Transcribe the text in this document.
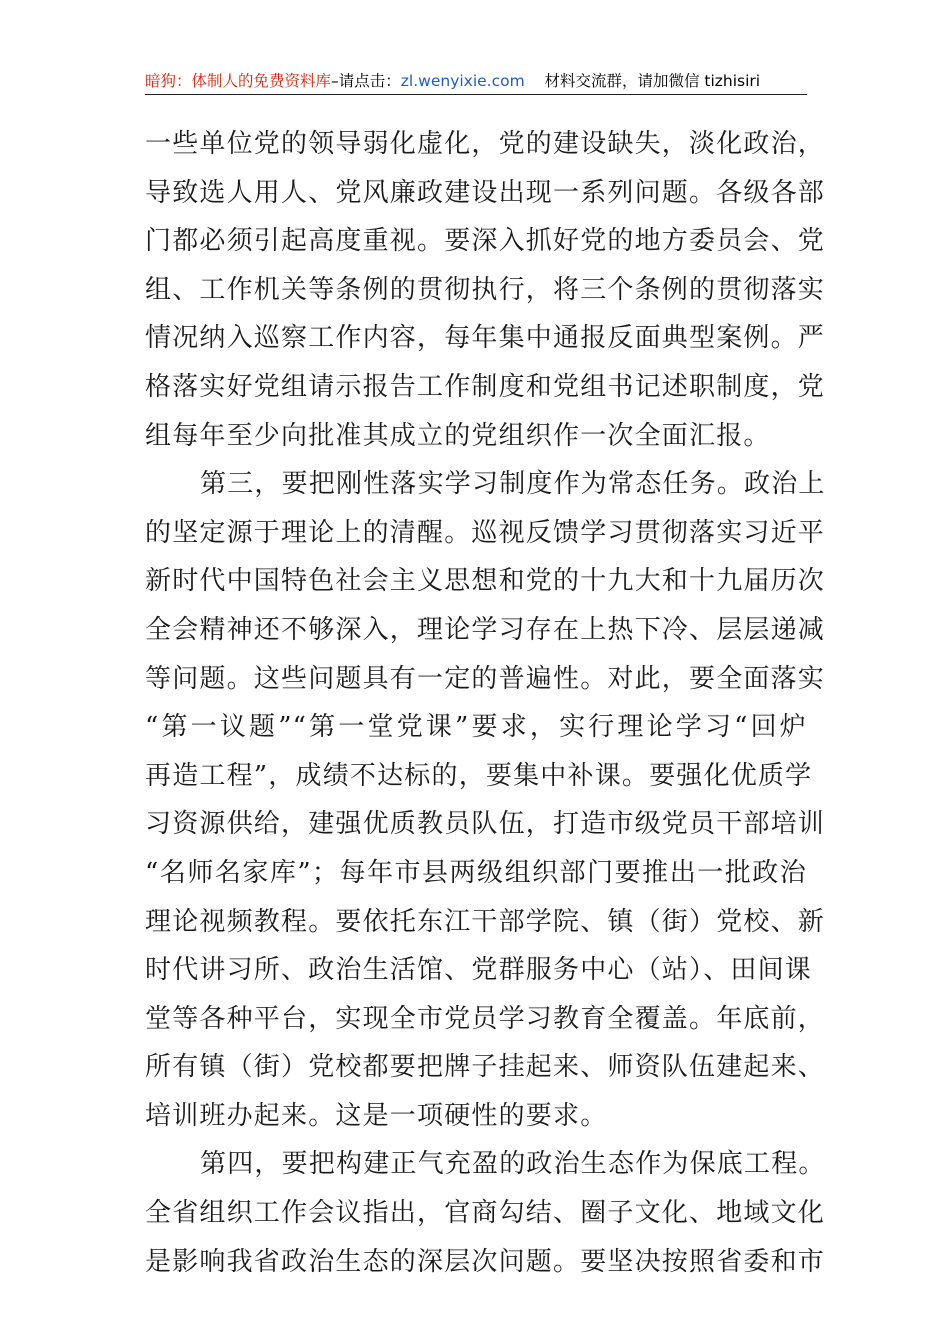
暗狗：体制人的免费资料库–请点击：zl.wenyixie.com 材料交流群，请加微信 tizhisiri
一些单位党的领导弱化虚化，党的建设缺失，淡化政治，
导致选人用人、党风廉政建设出现一系列问题。各级各部
门都必须引起高度重视。要深入抓好党的地方委员会、党
组、工作机关等条例的贯彻执行，将三个条例的贯彻落实
情况纳入巡察工作内容，每年集中通报反面典型案例。严
格落实好党组请示报告工作制度和党组书记述职制度，党
组每年至少向批准其成立的党组织作一次全面汇报。
第三，要把刚性落实学习制度作为常态任务。政治上
的坚定源于理论上的清醒。巡视反馈学习贯彻落实习近平
新时代中国特色社会主义思想和党的十九大和十九届历次
全会精神还不够深入，理论学习存在上热下冷、层层递减
等问题。这些问题具有一定的普遍性。对此，要全面落实
“第一议题”“第一堂党课”要求，实行理论学习“回炉
再造工程”，成绩不达标的，要集中补课。要强化优质学
习资源供给，建强优质教员队伍，打造市级党员干部培训
“名师名家库”；每年市县两级组织部门要推出一批政治
理论视频教程。要依托东江干部学院、镇（街）党校、新
时代讲习所、政治生活馆、党群服务中心（站）、田间课
堂等各种平台，实现全市党员学习教育全覆盖。年底前，
所有镇（街）党校都要把牌子挂起来、师资队伍建起来、
培训班办起来。这是一项硬性的要求。
第四，要把构建正气充盈的政治生态作为保底工程。
全省组织工作会议指出，官商勾结、圈子文化、地域文化
是影响我省政治生态的深层次问题。要坚决按照省委和市
